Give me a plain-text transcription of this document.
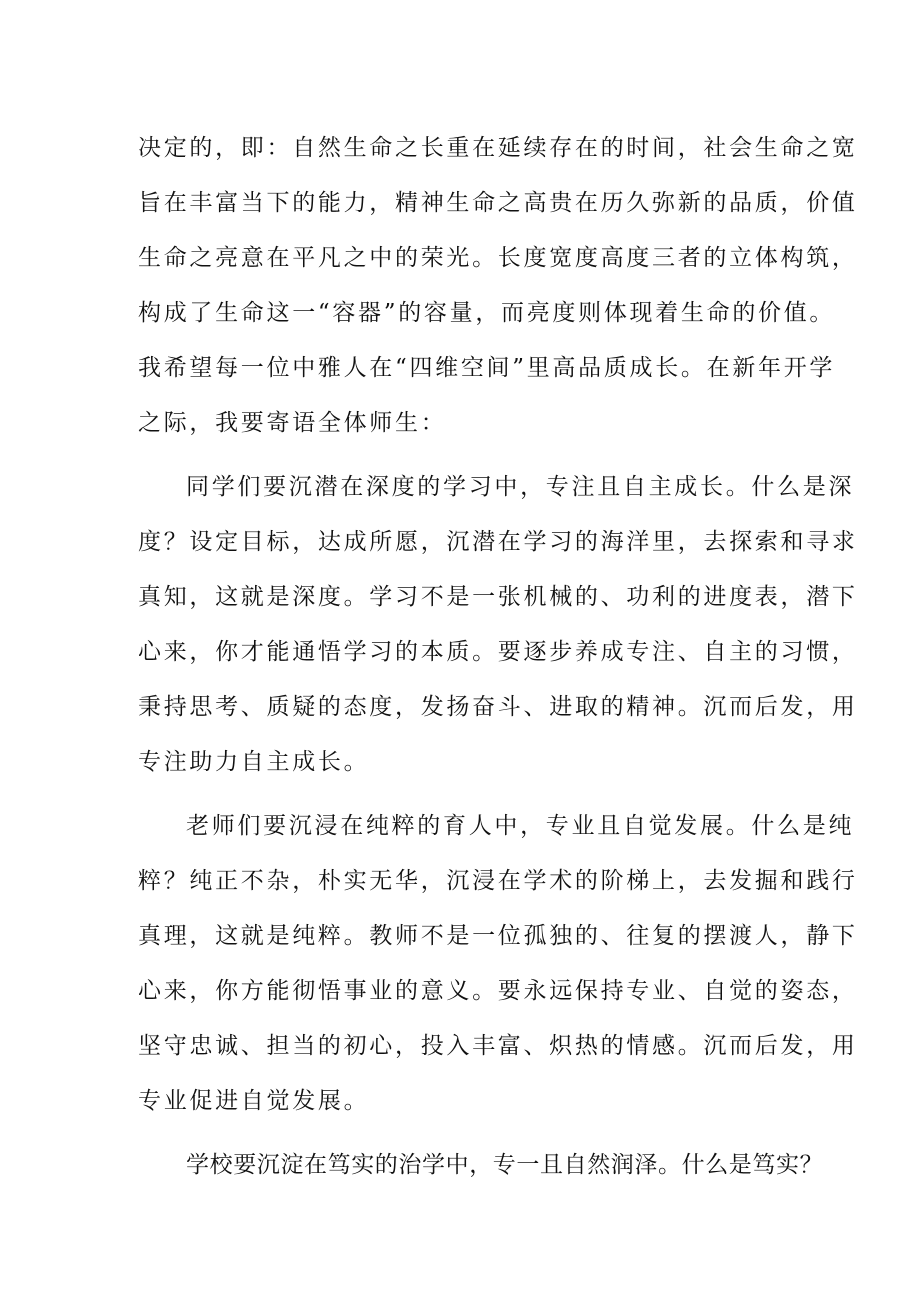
决定的，即：自然生命之长重在延续存在的时间，社会生命之宽
旨在丰富当下的能力，精神生命之高贵在历久弥新的品质，价值
生命之亮意在平凡之中的荣光。长度宽度高度三者的立体构筑，
构成了生命这一“容器”的容量，而亮度则体现着生命的价值。
我希望每一位中雅人在“四维空间”里高品质成长。在新年开学
之际，我要寄语全体师生：
同学们要沉潜在深度的学习中，专注且自主成长。什么是深
度？设定目标，达成所愿，沉潜在学习的海洋里，去探索和寻求
真知，这就是深度。学习不是一张机械的、功利的进度表，潜下
心来，你才能通悟学习的本质。要逐步养成专注、自主的习惯，
秉持思考、质疑的态度，发扬奋斗、进取的精神。沉而后发，用
专注助力自主成长。
老师们要沉浸在纯粹的育人中，专业且自觉发展。什么是纯
粹？纯正不杂，朴实无华，沉浸在学术的阶梯上，去发掘和践行
真理，这就是纯粹。教师不是一位孤独的、往复的摆渡人，静下
心来，你方能彻悟事业的意义。要永远保持专业、自觉的姿态，
坚守忠诚、担当的初心，投入丰富、炽热的情感。沉而后发，用
专业促进自觉发展。
学校要沉淀在笃实的治学中，专一且自然润泽。什么是笃实？
